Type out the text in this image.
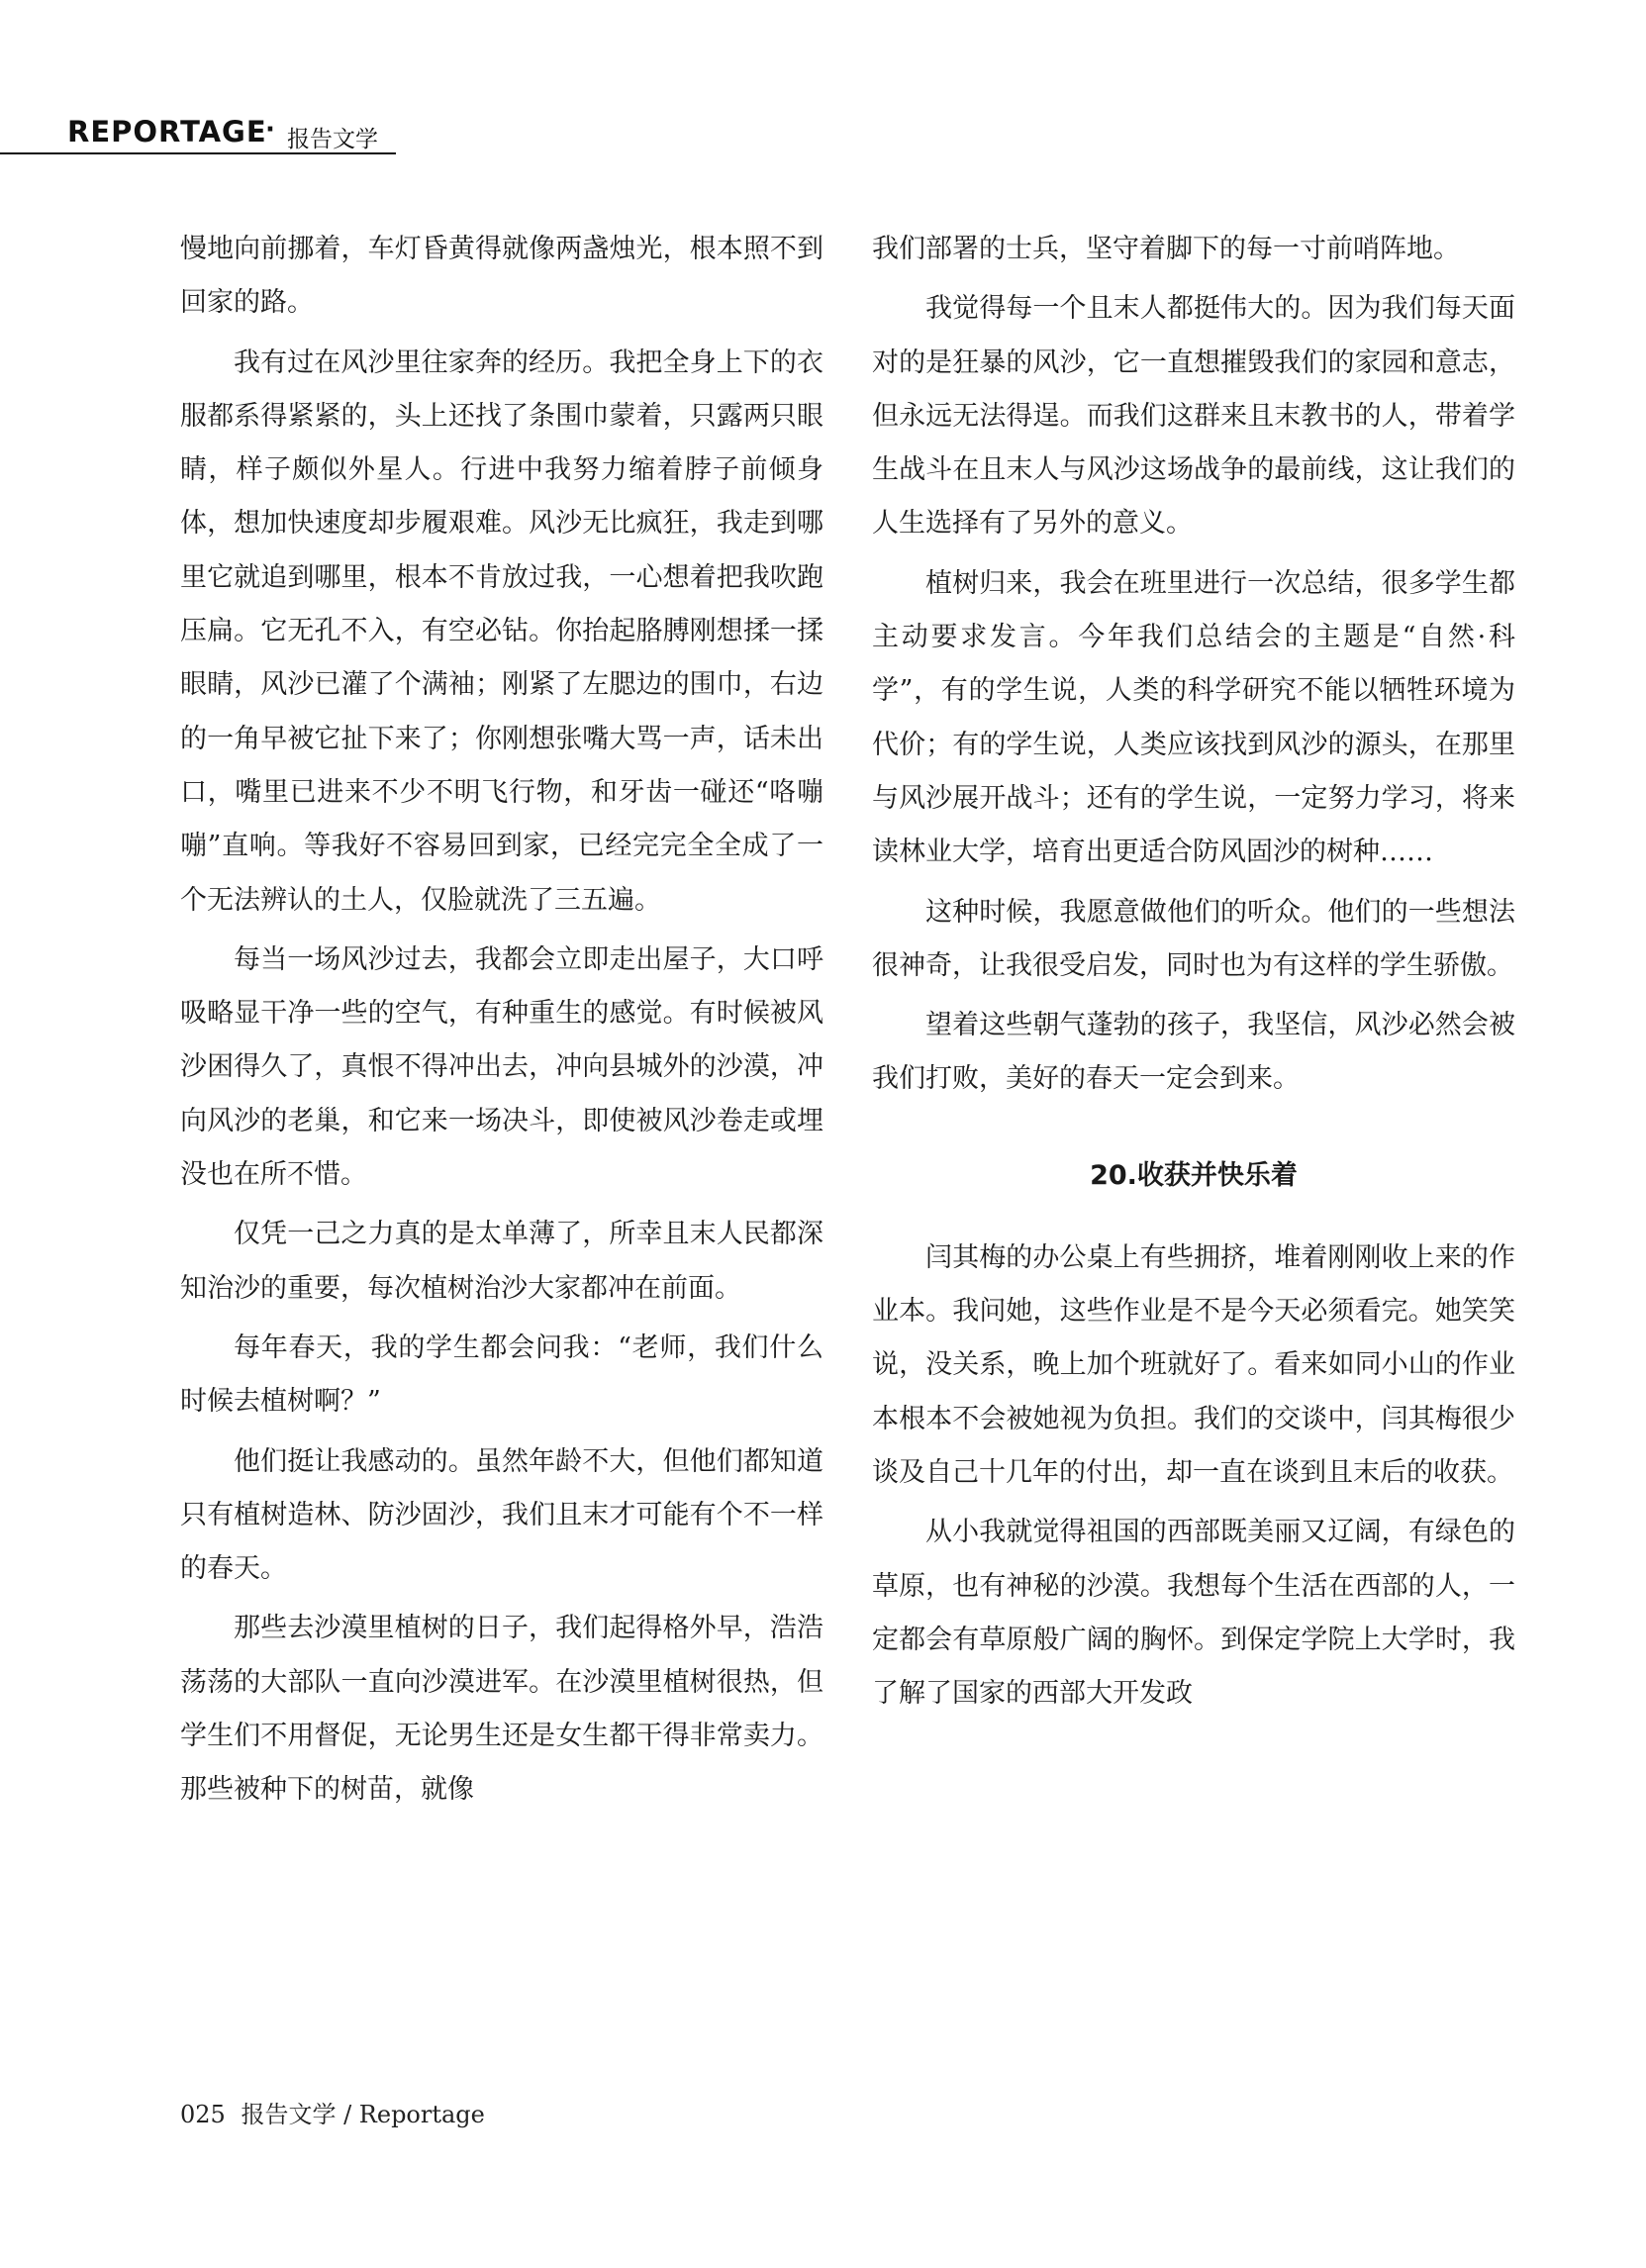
REPORTAGE
· 报告文学

慢地向前挪着，车灯昏黄得就像两盏烛光，根本照不到回家的路。

我有过在风沙里往家奔的经历。我把全身上下的衣服都系得紧紧的，头上还找了条围巾蒙着，只露两只眼睛，样子颇似外星人。行进中我努力缩着脖子前倾身体，想加快速度却步履艰难。风沙无比疯狂，我走到哪里它就追到哪里，根本不肯放过我，一心想着把我吹跑压扁。它无孔不入，有空必钻。你抬起胳膊刚想揉一揉眼睛，风沙已灌了个满袖；刚紧了左腮边的围巾，右边的一角早被它扯下来了；你刚想张嘴大骂一声，话未出口，嘴里已进来不少不明飞行物，和牙齿一碰还“咯嘣嘣”直响。等我好不容易回到家，已经完完全全成了一个无法辨认的土人，仅脸就洗了三五遍。

每当一场风沙过去，我都会立即走出屋子，大口呼吸略显干净一些的空气，有种重生的感觉。有时候被风沙困得久了，真恨不得冲出去，冲向县城外的沙漠，冲向风沙的老巢，和它来一场决斗，即使被风沙卷走或埋没也在所不惜。

仅凭一己之力真的是太单薄了，所幸且末人民都深知治沙的重要，每次植树治沙大家都冲在前面。

每年春天，我的学生都会问我：“老师，我们什么时候去植树啊？”

他们挺让我感动的。虽然年龄不大，但他们都知道只有植树造林、防沙固沙，我们且末才可能有个不一样的春天。

那些去沙漠里植树的日子，我们起得格外早，浩浩荡荡的大部队一直向沙漠进军。在沙漠里植树很热，但学生们不用督促，无论男生还是女生都干得非常卖力。那些被种下的树苗，就像

我们部署的士兵，坚守着脚下的每一寸前哨阵地。

我觉得每一个且末人都挺伟大的。因为我们每天面对的是狂暴的风沙，它一直想摧毁我们的家园和意志，但永远无法得逞。而我们这群来且末教书的人，带着学生战斗在且末人与风沙这场战争的最前线，这让我们的人生选择有了另外的意义。

植树归来，我会在班里进行一次总结，很多学生都主动要求发言。今年我们总结会的主题是“自然·科学”，有的学生说，人类的科学研究不能以牺牲环境为代价；有的学生说，人类应该找到风沙的源头，在那里与风沙展开战斗；还有的学生说，一定努力学习，将来读林业大学，培育出更适合防风固沙的树种……

这种时候，我愿意做他们的听众。他们的一些想法很神奇，让我很受启发，同时也为有这样的学生骄傲。

望着这些朝气蓬勃的孩子，我坚信，风沙必然会被我们打败，美好的春天一定会到来。

20.收获并快乐着

闫其梅的办公桌上有些拥挤，堆着刚刚收上来的作业本。我问她，这些作业是不是今天必须看完。她笑笑说，没关系，晚上加个班就好了。看来如同小山的作业本根本不会被她视为负担。我们的交谈中，闫其梅很少谈及自己十几年的付出，却一直在谈到且末后的收获。

从小我就觉得祖国的西部既美丽又辽阔，有绿色的草原，也有神秘的沙漠。我想每个生活在西部的人，一定都会有草原般广阔的胸怀。到保定学院上大学时，我了解了国家的西部大开发政

025 报告文学 / Reportage
